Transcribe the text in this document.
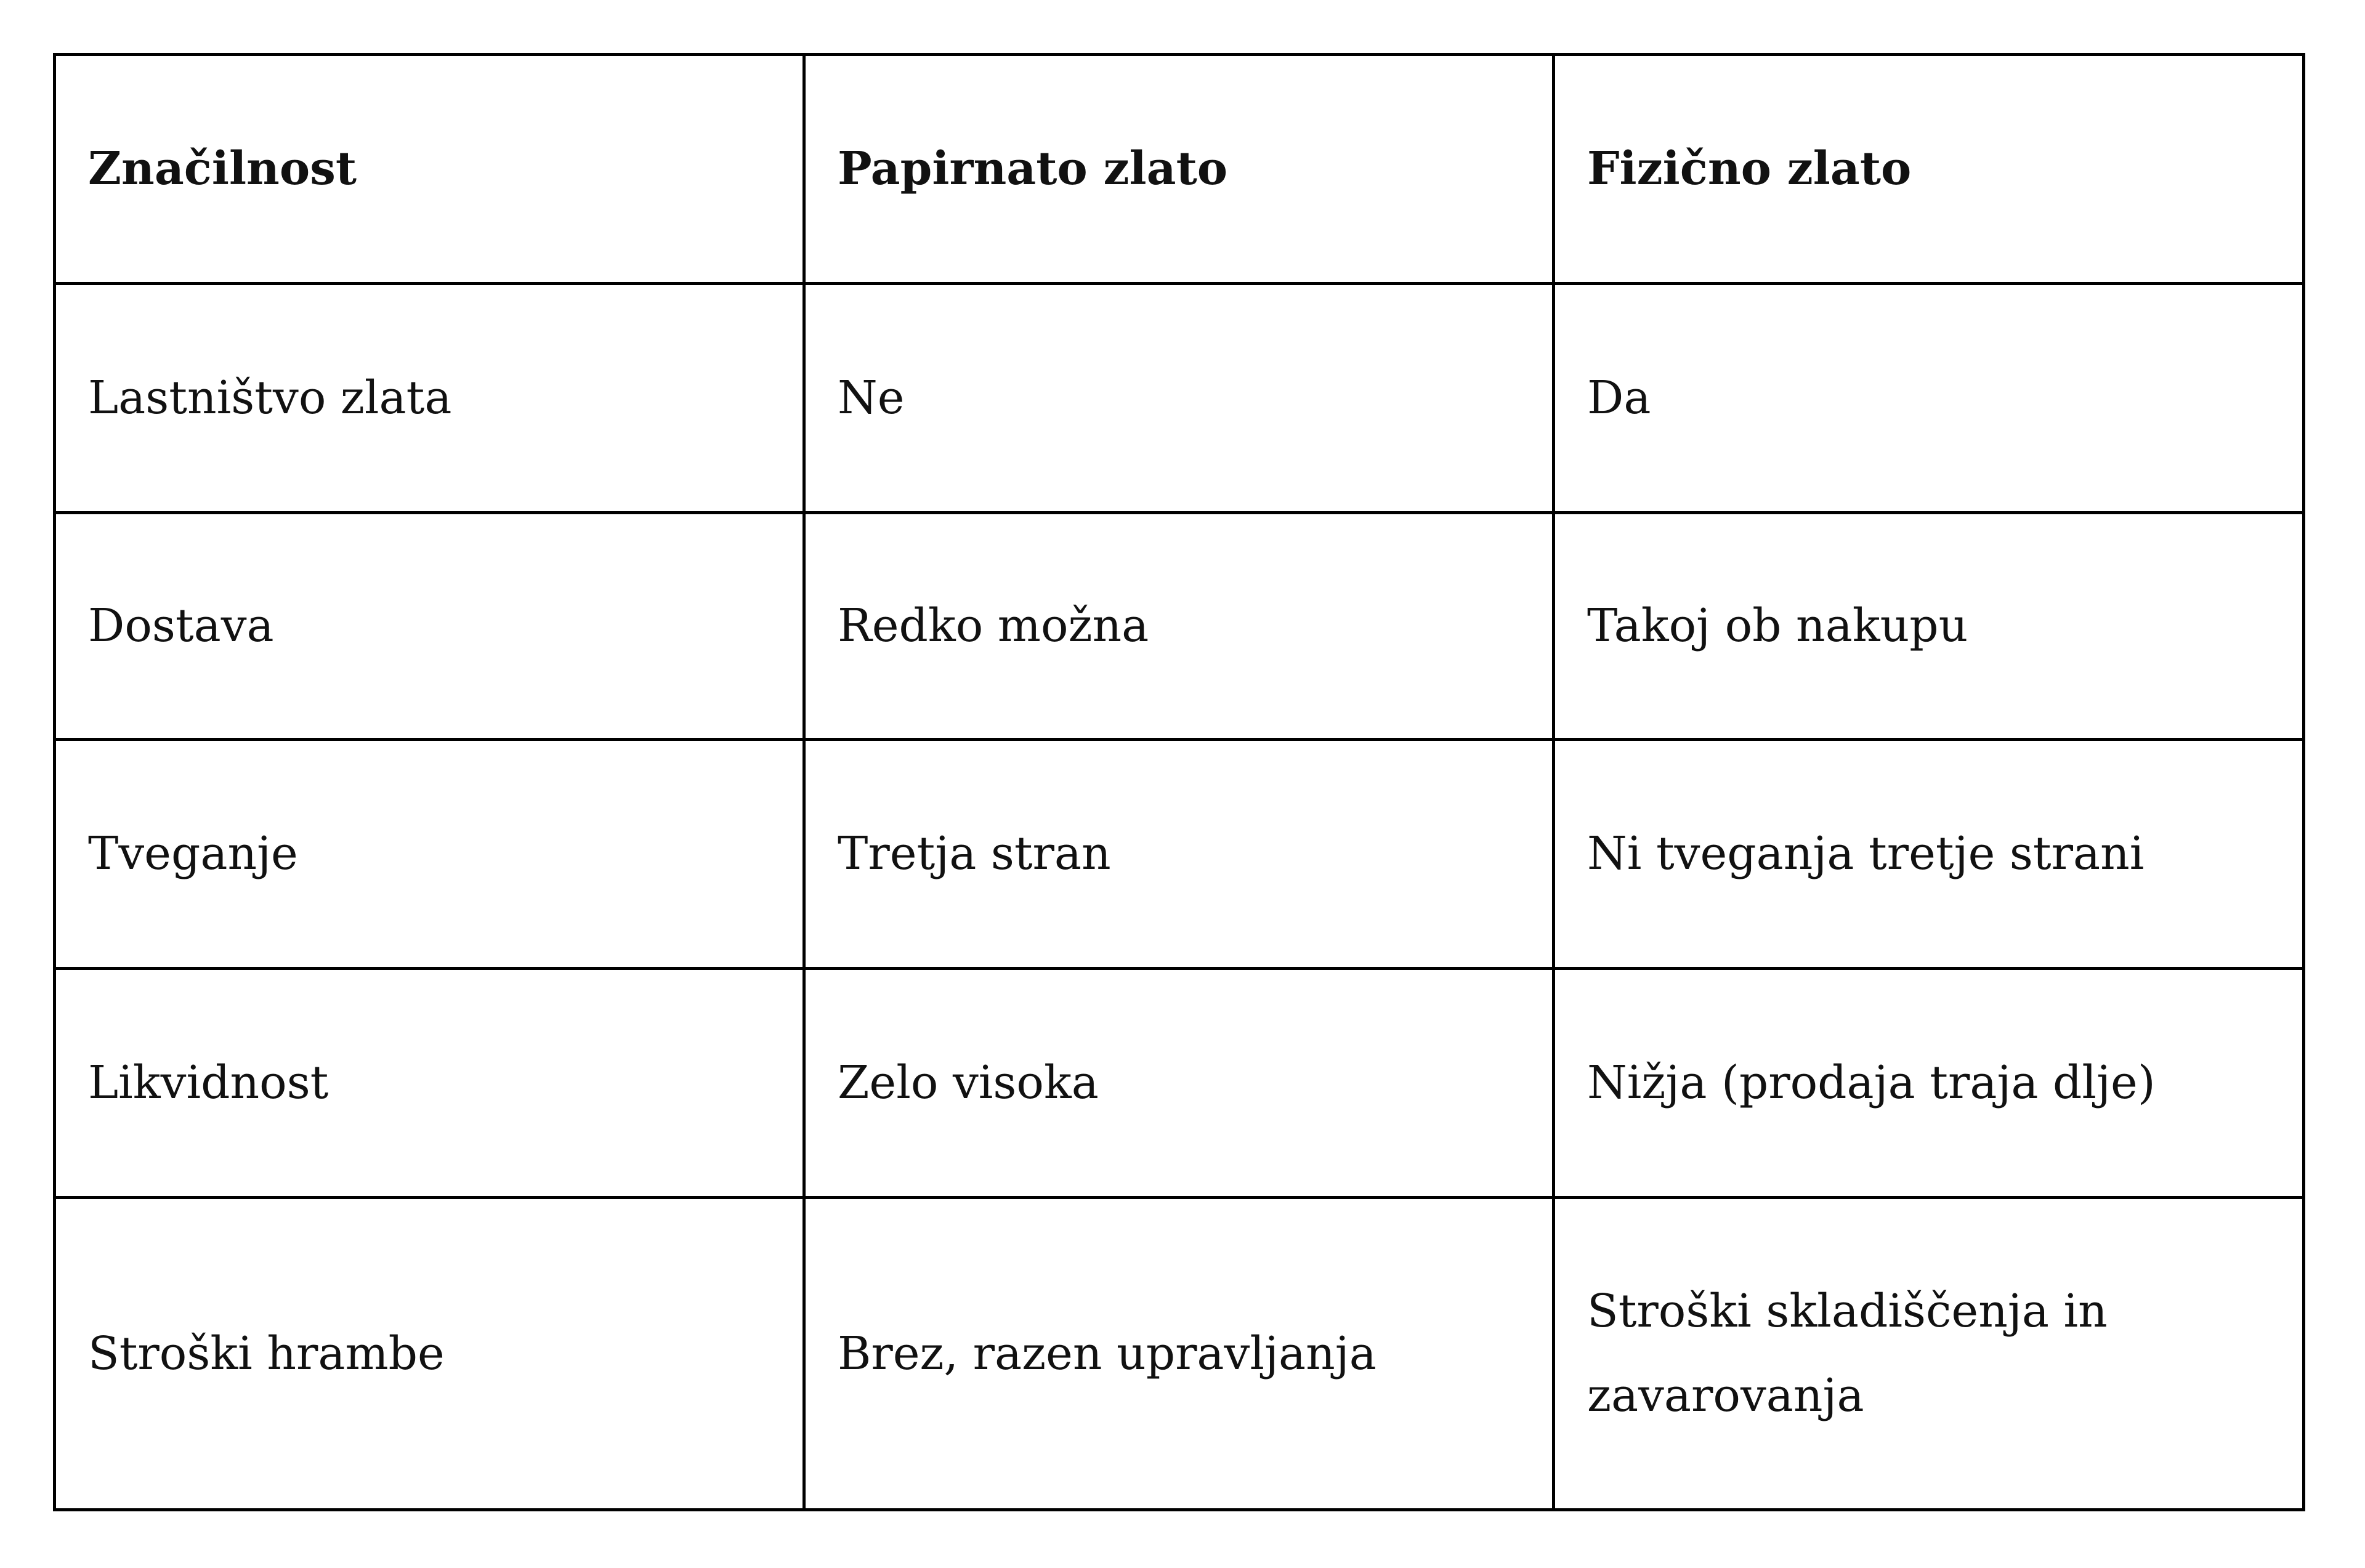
Značilnost	Papirnato zlato	Fizično zlato
Lastništvo zlata	Ne	Da
Dostava	Redko možna	Takoj ob nakupu
Tveganje	Tretja stran	Ni tveganja tretje strani
Likvidnost	Zelo visoka	Nižja (prodaja traja dlje)
Stroški hrambe	Brez, razen upravljanja	Stroški skladiščenja in zavarovanja
